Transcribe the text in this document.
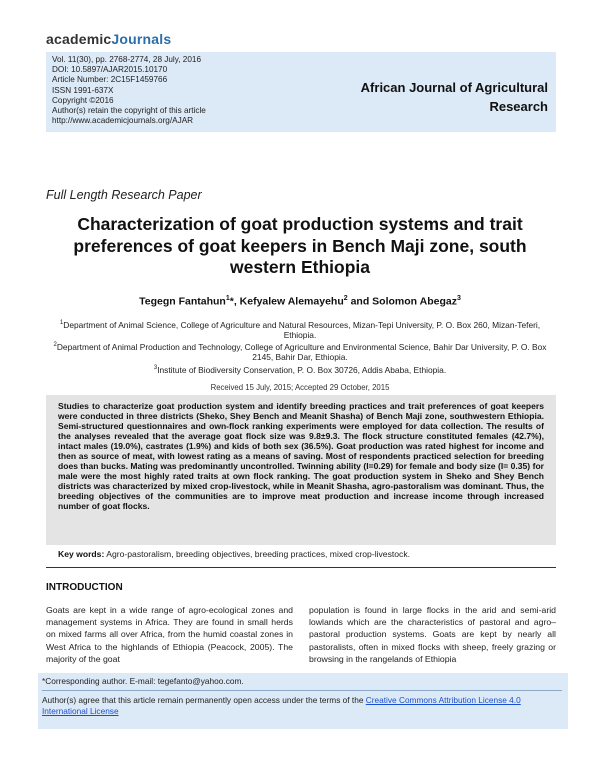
academicJournals
Vol. 11(30), pp. 2768-2774, 28 July, 2016
DOI: 10.5897/AJAR2015.10170
Article Number: 2C15F1459766
ISSN 1991-637X
Copyright ©2016
Author(s) retain the copyright of this article
http://www.academicjournals.org/AJAR
African Journal of Agricultural
Research
Full Length Research Paper
Characterization of goat production systems and trait preferences of goat keepers in Bench Maji zone, south western Ethiopia
Tegegn Fantahun$^1$*, Kefyalew Alemayehu$^2$ and Solomon Abegaz$^3$
$^1$Department of Animal Science, College of Agriculture and Natural Resources, Mizan-Tepi University, P. O. Box 260, Mizan-Teferi, Ethiopia.
$^2$Department of Animal Production and Technology, College of Agriculture and Environmental Science, Bahir Dar University, P. O. Box 2145, Bahir Dar, Ethiopia.
$^3$Institute of Biodiversity Conservation, P. O. Box 30726, Addis Ababa, Ethiopia.
Received 15 July, 2015; Accepted 29 October, 2015
Studies to characterize goat production system and identify breeding practices and trait preferences of goat keepers were conducted in three districts (Sheko, Shey Bench and Meanit Shasha) of Bench Maji zone, southwestern Ethiopia. Semi-structured questionnaires and own-flock ranking experiments were employed for data collection. The results of the analyses revealed that the average goat flock size was 9.8±9.3. The flock structure constituted females (42.7%), intact males (19.0%), castrates (1.9%) and kids of both sex (36.5%). Goat production was rated highest for income and then as source of meat, with lowest rating as a means of saving. Most of respondents practiced selection for breeding does than bucks. Mating was predominantly uncontrolled. Twinning ability (I=0.29) for female and body size (I= 0.35) for male were the most highly rated traits at own flock ranking. The goat production system in Sheko and Shey Bench districts was characterized by mixed crop-livestock, while in Meanit Shasha, agro-pastoralism was dominant. Thus, the breeding objectives of the communities are to improve meat production and increase income through increased number of goat flocks.
Key words: Agro-pastoralism, breeding objectives, breeding practices, mixed crop-livestock.
INTRODUCTION
Goats are kept in a wide range of agro-ecological zones and management systems in Africa. They are found in small herds on mixed farms all over Africa, from the humid coastal zones in West Africa to the highlands of Ethiopia (Peacock, 2005). The majority of the goat
population is found in large flocks in the arid and semi-arid lowlands which are the characteristics of pastoral and agro–pastoral production systems. Goats are kept by nearly all pastoralists, often in mixed flocks with sheep, freely grazing or browsing in the rangelands of Ethiopia
*Corresponding author. E-mail: tegefanto@yahoo.com.
Author(s) agree that this article remain permanently open access under the terms of the Creative Commons Attribution License 4.0 International License
